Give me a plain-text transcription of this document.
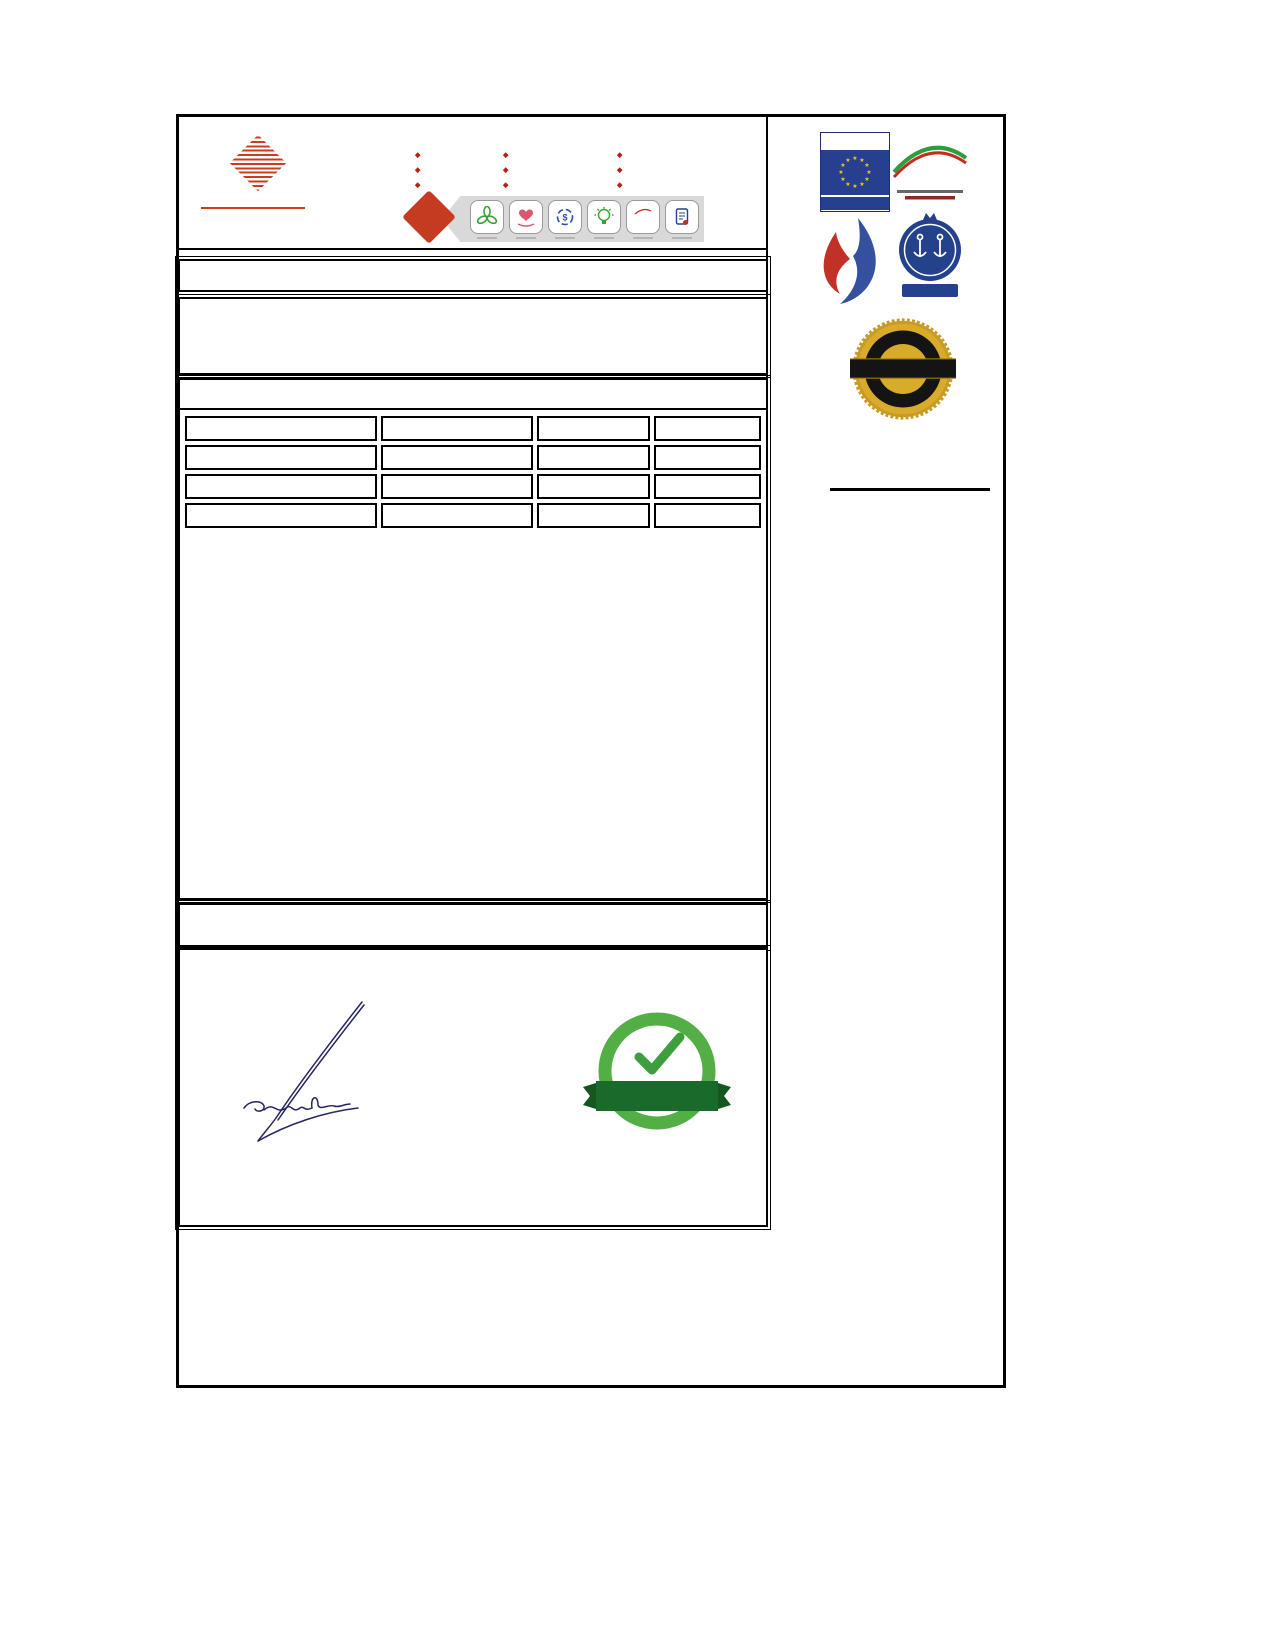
◆
◆
◆
◆
◆
◆
◆
◆
◆
$
★ ★
★
★
★
★
★
★
★
★
★
★
